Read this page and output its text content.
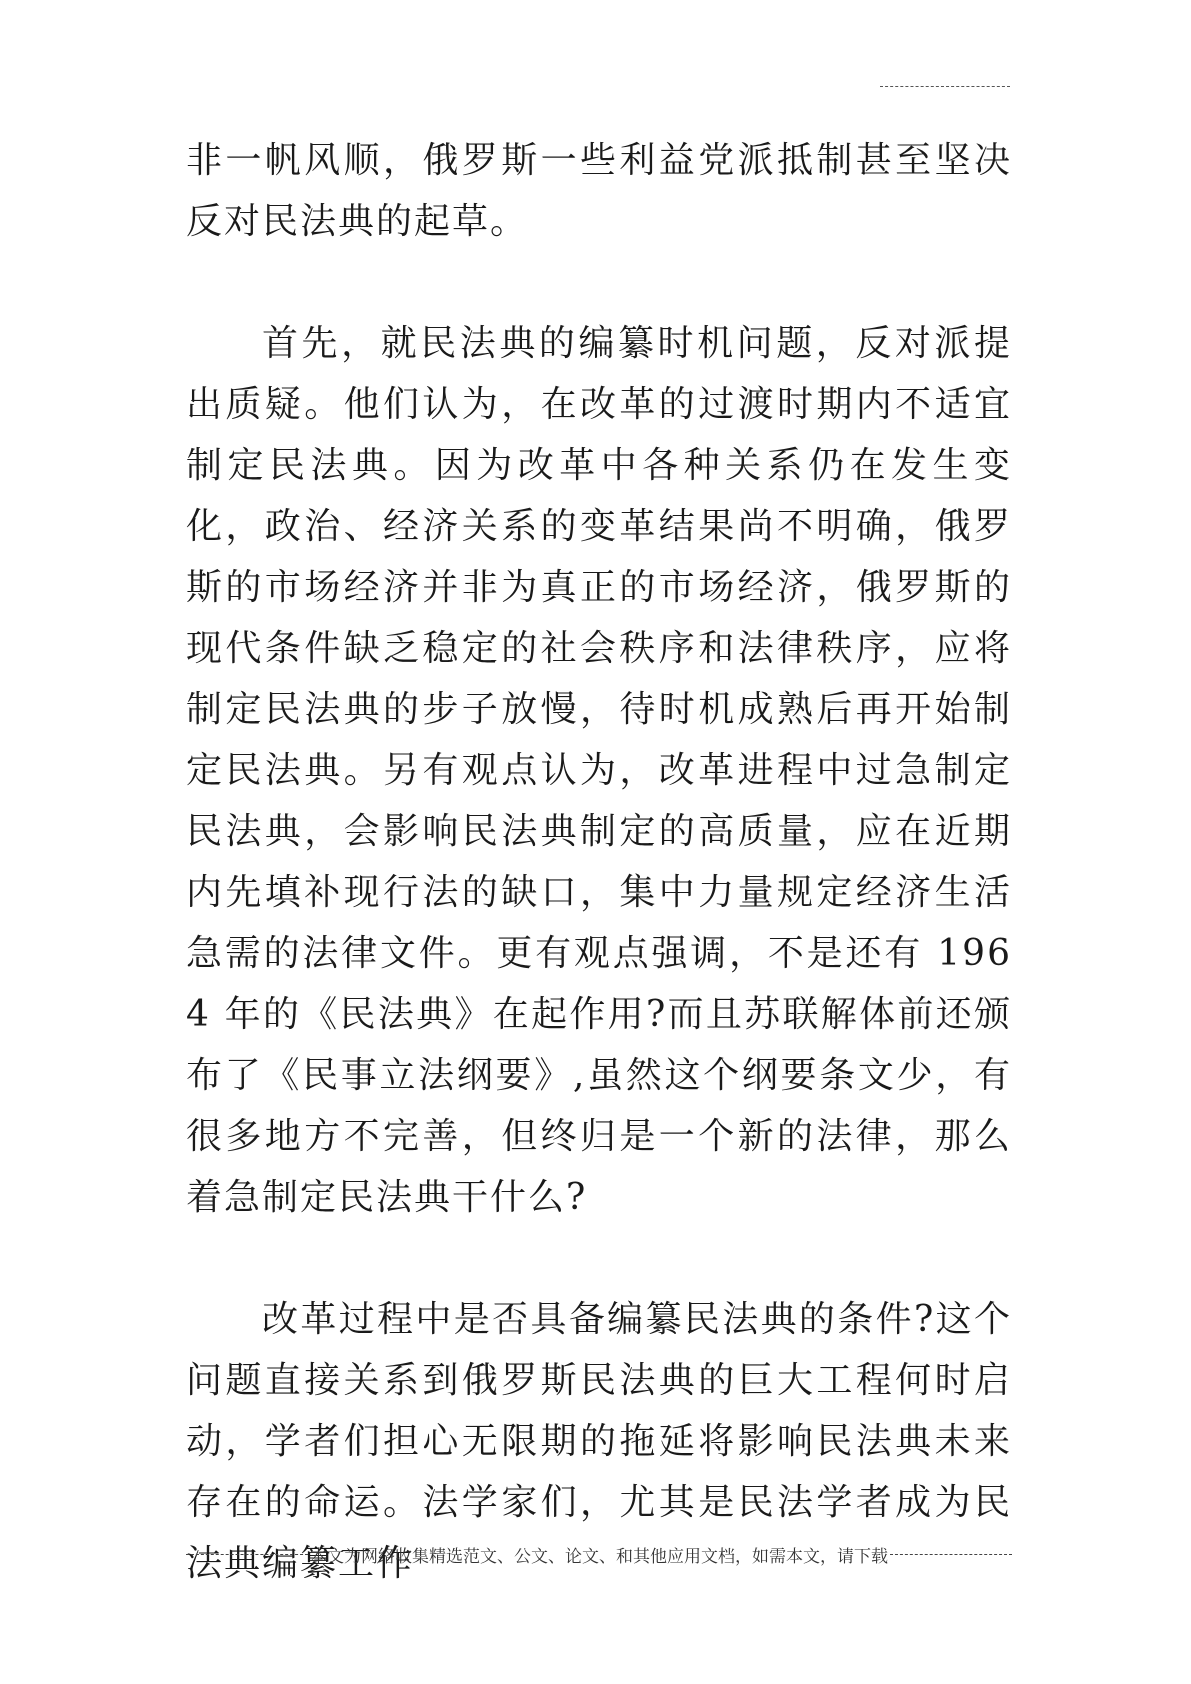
非一帆风顺，俄罗斯一些利益党派抵制甚至坚决反对民法典的起草。

首先，就民法典的编纂时机问题，反对派提出质疑。他们认为，在改革的过渡时期内不适宜制定民法典。因为改革中各种关系仍在发生变化，政治、经济关系的变革结果尚不明确，俄罗斯的市场经济并非为真正的市场经济，俄罗斯的现代条件缺乏稳定的社会秩序和法律秩序，应将制定民法典的步子放慢，待时机成熟后再开始制定民法典。另有观点认为，改革进程中过急制定民法典，会影响民法典制定的高质量，应在近期内先填补现行法的缺口，集中力量规定经济生活急需的法律文件。更有观点强调，不是还有 1964 年的《民法典》在起作用?而且苏联解体前还颁布了《民事立法纲要》,虽然这个纲要条文少，有很多地方不完善，但终归是一个新的法律，那么着急制定民法典干什么?

改革过程中是否具备编纂民法典的条件?这个问题直接关系到俄罗斯民法典的巨大工程何时启动，学者们担心无限期的拖延将影响民法典未来存在的命运。法学家们，尤其是民法学者成为民法典编纂工作

本文为网络收集精选范文、公文、论文、和其他应用文档，如需本文，请下载
